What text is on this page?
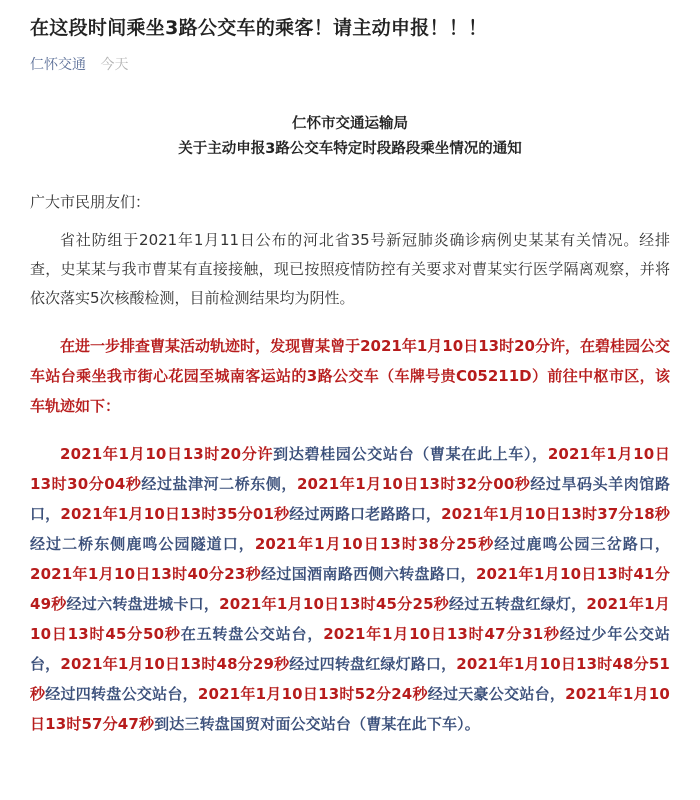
在这段时间乘坐3路公交车的乘客！请主动申报！！！
仁怀交通 今天
仁怀市交通运输局
关于主动申报3路公交车特定时段路段乘坐情况的通知

广大市民朋友们：

省社防组于2021年1月11日公布的河北省35号新冠肺炎确诊病例史某某有关情况。经排查，史某某与我市曹某有直接接触，现已按照疫情防控有关要求对曹某实行医学隔离观察，并将依次落实5次核酸检测，目前检测结果均为阴性。

在进一步排查曹某活动轨迹时，发现曹某曾于2021年1月10日13时20分许，在碧桂园公交车站台乘坐我市街心花园至城南客运站的3路公交车（车牌号贵C05211D）前往中枢市区，该车轨迹如下：

2021年1月10日13时20分许到达碧桂园公交站台（曹某在此上车），2021年1月10日13时30分04秒经过盐津河二桥东侧，2021年1月10日13时32分00秒经过旱码头羊肉馆路口，2021年1月10日13时35分01秒经过两路口老路路口，2021年1月10日13时37分18秒经过二桥东侧鹿鸣公园隧道口，2021年1月10日13时38分25秒经过鹿鸣公园三岔路口，2021年1月10日13时40分23秒经过国酒南路西侧六转盘路口，2021年1月10日13时41分49秒经过六转盘进城卡口，2021年1月10日13时45分25秒经过五转盘红绿灯，2021年1月10日13时45分50秒在五转盘公交站台，2021年1月10日13时47分31秒经过少年公交站台，2021年1月10日13时48分29秒经过四转盘红绿灯路口，2021年1月10日13时48分51秒经过四转盘公交站台，2021年1月10日13时52分24秒经过天豪公交站台，2021年1月10日13时57分47秒到达三转盘国贸对面公交站台（曹某在此下车）。
